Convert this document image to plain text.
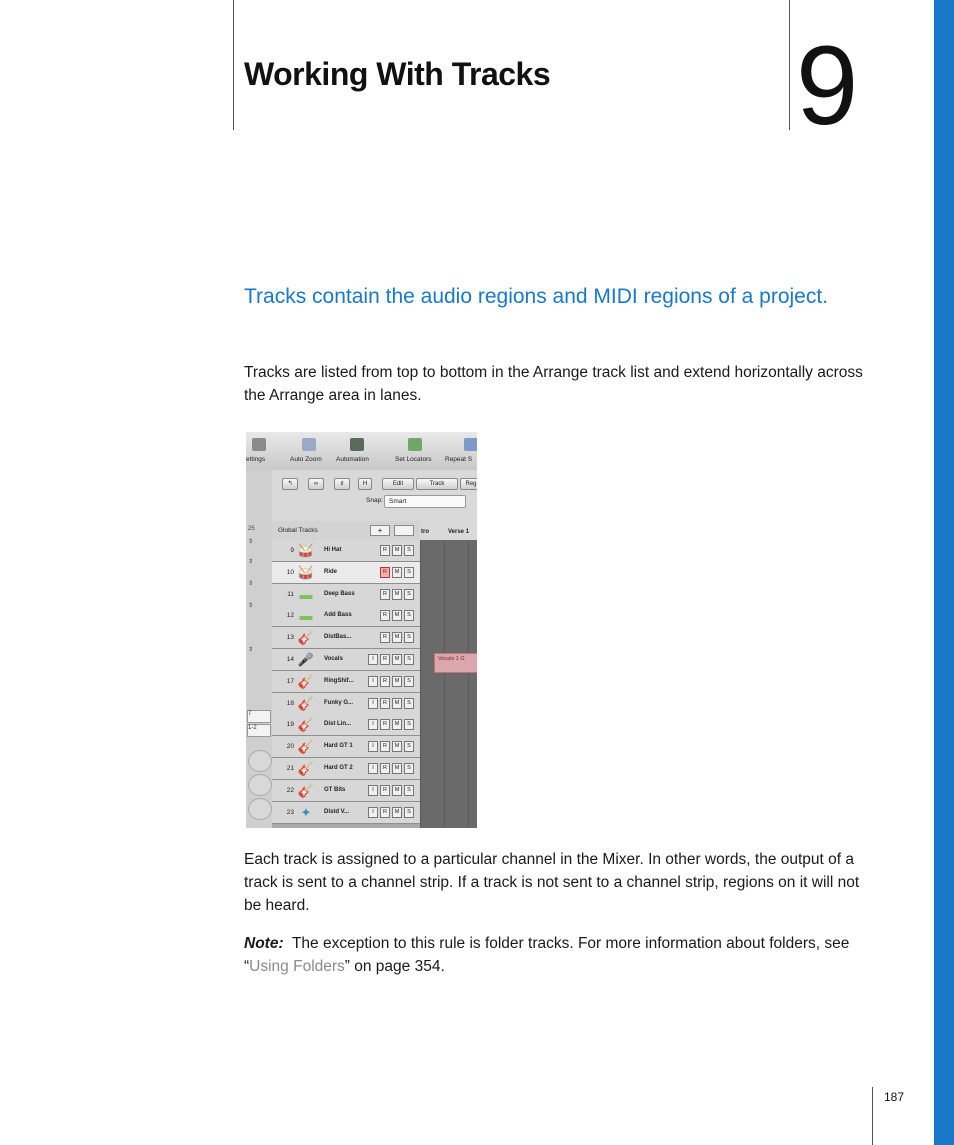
Working With Tracks 9
Tracks contain the audio regions and MIDI regions of a project.
Tracks are listed from top to bottom in the Arrange track list and extend horizontally across the Arrange area in lanes.
ettings	Auto Zoom Automation	Set Locators Repeat S
25
⇕
⇕
⇕
⇕
⇕
7
1-2
↰	∞	♯	H	Edit	Track	Reg
Snap: Smart
Global Tracks	+	tro	Verse 1
9 🥁 Hi Hat	R	M	S
10 🥁 Ride	R	M	S
11 ▬	Deep Bass	R	M	S
12 ▬	Add Bass	R	M	S
13 🎸 DistBas...	R	M	S
14 🎤 Vocals	I	R	M	S
17 🎸 RingShif...	I	R	M	S
18 🎸 Funky G...	I	R	M	S
19 🎸 Dist Lin...	I	R	M	S
20 🎸 Hard GT 1	I	R	M	S
21 🎸 Hard GT 2	I	R	M	S
22 🎸 GT Bits	I	R	M	S
23 ✦	Distd V...	I	R	M	S
Vocals 1 G
Each track is assigned to a particular channel in the Mixer. In other words, the output of a track is sent to a channel strip. If a track is not sent to a channel strip, regions on it will not be heard.
Note: The exception to this rule is folder tracks. For more information about folders, see “Using Folders” on page 354.
187
